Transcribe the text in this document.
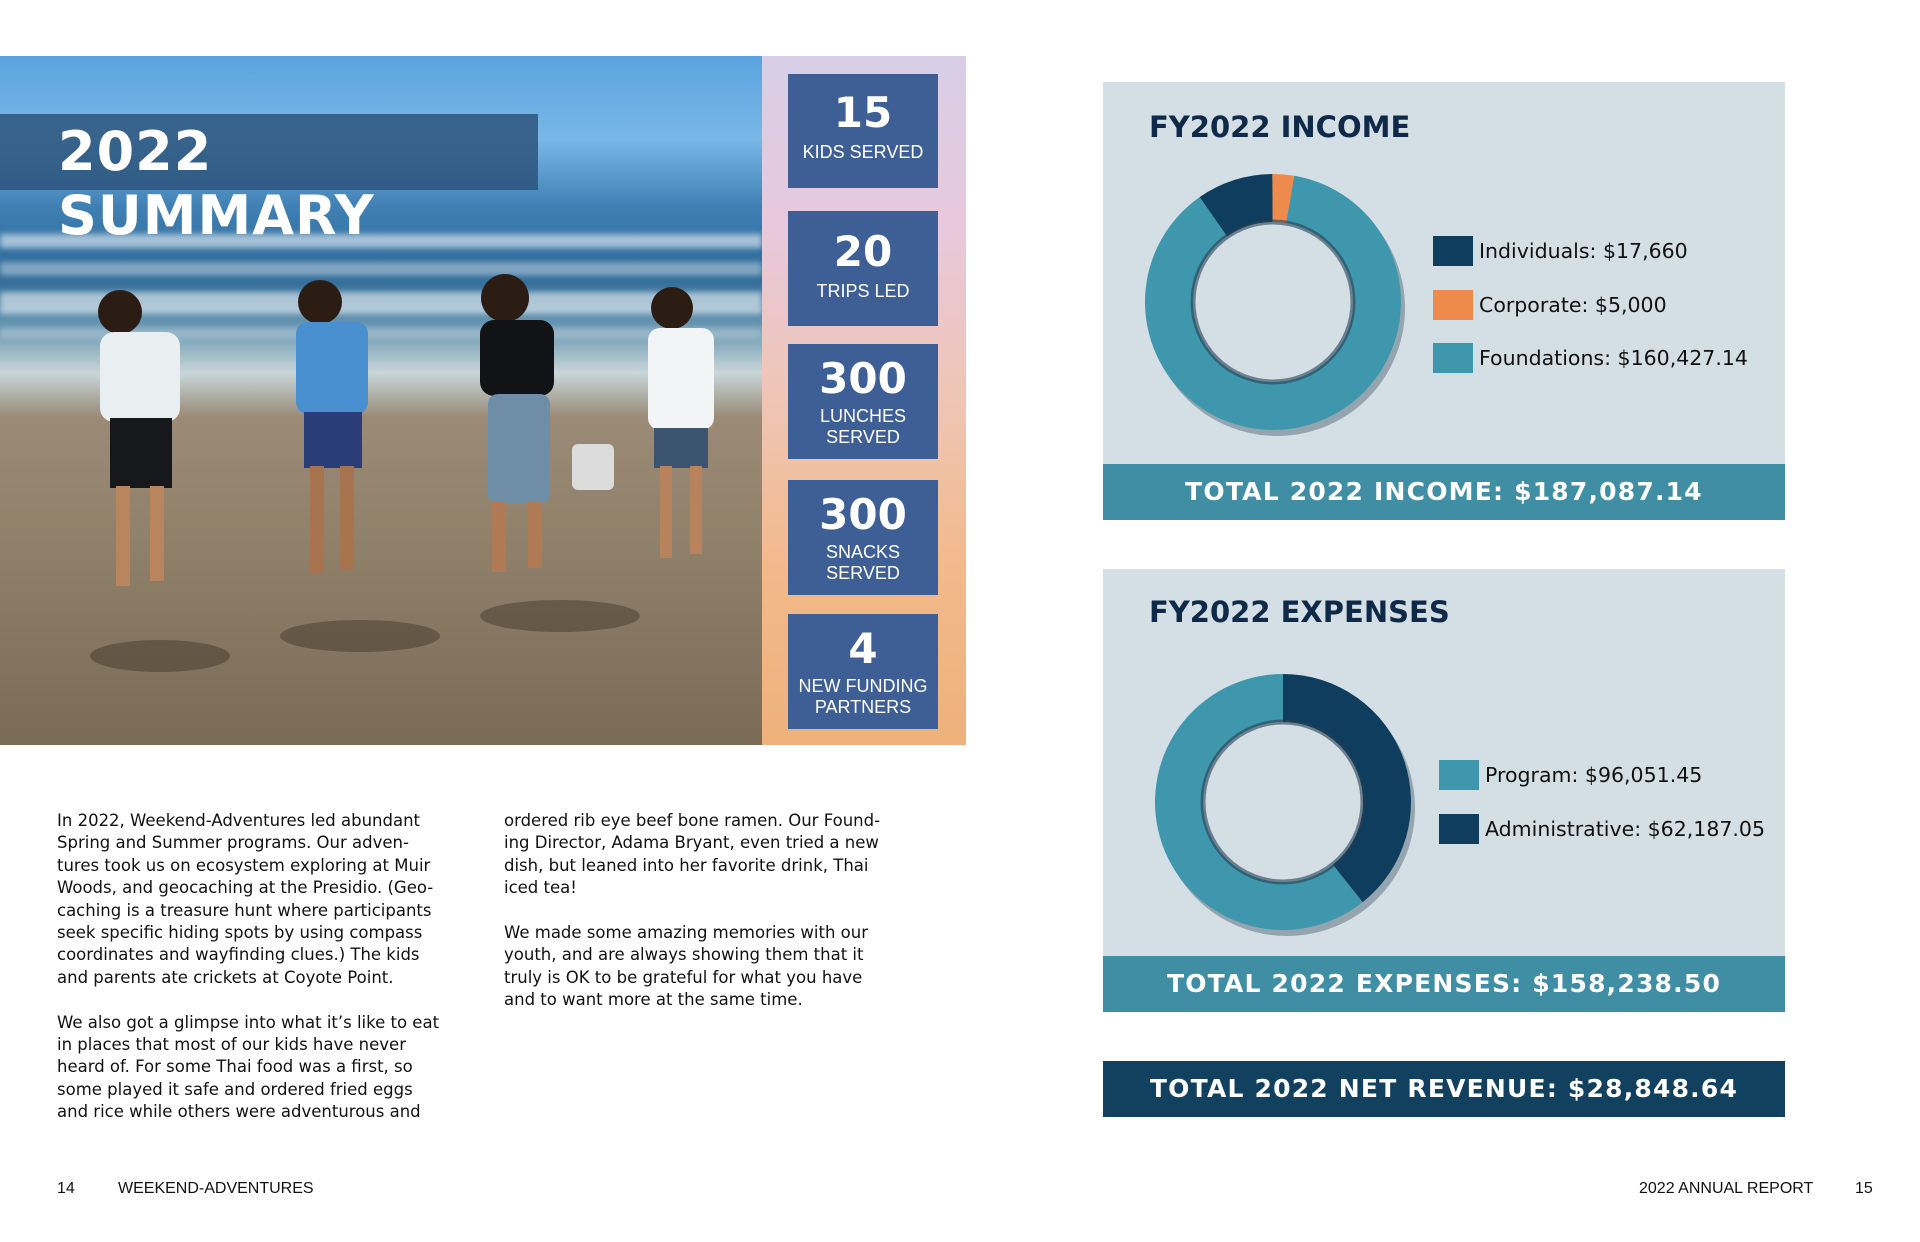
2022 SUMMARY
15
KIDS SERVED
20
TRIPS LED
300
LUNCHES SERVED
300
SNACKS SERVED
4
NEW FUNDING PARTNERS
In 2022, Weekend-Adventures led abundant
Spring and Summer programs. Our adven-
tures took us on ecosystem exploring at Muir
Woods, and geocaching at the Presidio. (Geo-
caching is a treasure hunt where participants
seek specific hiding spots by using compass
coordinates and wayfinding clues.) The kids
and parents ate crickets at Coyote Point.

We also got a glimpse into what it’s like to eat
in places that most of our kids have never
heard of. For some Thai food was a first, so
some played it safe and ordered fried eggs
and rice while others were adventurous and
ordered rib eye beef bone ramen. Our Found-
ing Director, Adama Bryant, even tried a new
dish, but leaned into her favorite drink, Thai
iced tea!

We made some amazing memories with our
youth, and are always showing them that it
truly is OK to be grateful for what you have
and to want more at the same time.
14	WEEKEND-ADVENTURES	2022 ANNUAL REPORT	15
FY2022 INCOME
Individuals: $17,660
Corporate: $5,000
Foundations: $160,427.14
TOTAL 2022 INCOME: $187,087.14
FY2022 EXPENSES
Program: $96,051.45
Administrative: $62,187.05
TOTAL 2022 EXPENSES: $158,238.50
TOTAL 2022 NET REVENUE: $28,848.64
